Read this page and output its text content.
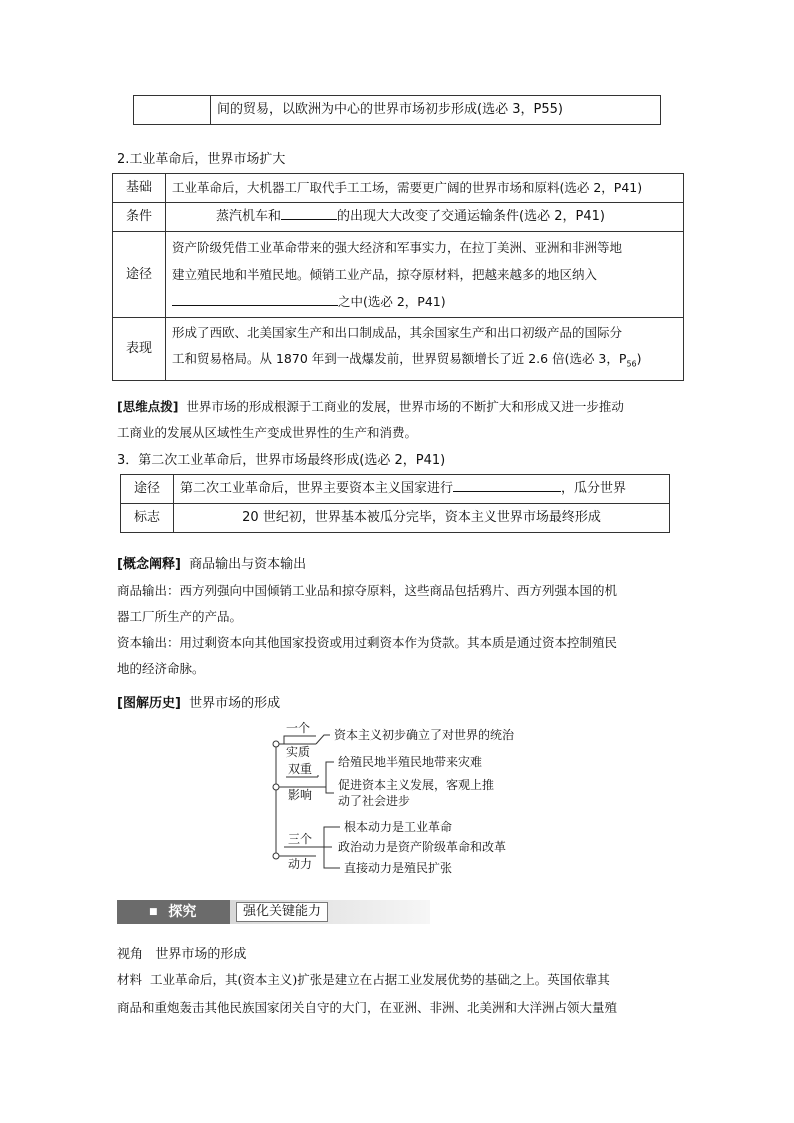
	间的贸易，以欧洲为中心的世界市场初步形成(选必 3，P55)
2.工业革命后，世界市场扩大
基础	工业革命后，大机器工厂取代手工工场，需要更广阔的世界市场和原料(选必 2，P41)
条件	蒸汽机车和 的出现大大改变了交通运输条件(选必 2，P41)
途径	资产阶级凭借工业革命带来的强大经济和军事实力，在拉丁美洲、亚洲和非洲等地
建立殖民地和半殖民地。倾销工业产品，掠夺原材料，把越来越多的地区纳入
之中(选必 2，P41)

表现	形成了西欧、北美国家生产和出口制成品，其余国家生产和出口初级产品的国际分
工和贸易格局。从 1870 年到一战爆发前，世界贸易额增长了近 2.6 倍(选必 3，$P_{56}$)
[思维点拨] 世界市场的形成根源于工商业的发展，世界市场的不断扩大和形成又进一步推动
工商业的发展从区域性生产变成世界性的生产和消费。
3．第二次工业革命后，世界市场最终形成(选必 2，P41)
途径	第二次工业革命后，世界主要资本主义国家进行 ，瓜分世界
标志	20 世纪初，世界基本被瓜分完毕，资本主义世界市场最终形成
[概念阐释] 商品输出与资本输出
商品输出：西方列强向中国倾销工业品和掠夺原料，这些商品包括鸦片、西方列强本国的机
器工厂所生产的产品。
资本输出：用过剩资本向其他国家投资或用过剩资本作为贷款。其本质是通过资本控制殖民
地的经济命脉。
[图解历史] 世界市场的形成
一个
实质
资本主义初步确立了对世界的统治
双重
影响
给殖民地半殖民地带来灾难
促进资本主义发展，客观上推
动了社会进步
三个
动力
根本动力是工业革命
政治动力是资产阶级革命和改革
直接动力是殖民扩张
■ 探究	强化关键能力
视角 世界市场的形成
材料 工业革命后，其(资本主义)扩张是建立在占据工业发展优势的基础之上。英国依靠其
商品和重炮轰击其他民族国家闭关自守的大门，在亚洲、非洲、北美洲和大洋洲占领大量殖
